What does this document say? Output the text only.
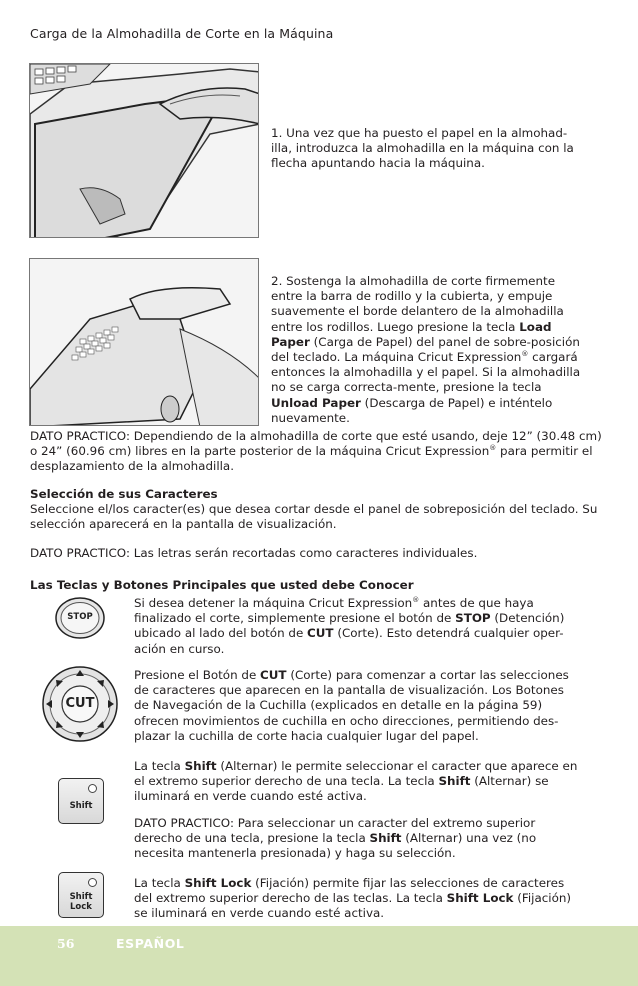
Carga de la Almohadilla de Corte en la Máquina
1. Una vez que ha puesto el papel en la almohad-illa, introduzca la almohadilla en la máquina con la flecha apuntando hacia la máquina.
2. Sostenga la almohadilla de corte firmemente entre la barra de rodillo y la cubierta, y empuje suavemente el borde delantero de la almohadilla entre los rodillos. Luego presione la tecla Load Paper (Carga de Papel) del panel de sobre-posición del teclado. La máquina Cricut Expression® cargará entonces la almohadilla y el papel. Si la almohadilla no se carga correcta-mente, presione la tecla Unload Paper (Descarga de Papel) e inténtelo nuevamente.
DATO PRACTICO: Dependiendo de la almohadilla de corte que esté usando, deje 12” (30.48 cm) o 24” (60.96 cm) libres en la parte posterior de la máquina Cricut Expression® para permitir el desplazamiento de la almohadilla.
Selección de sus Caracteres
Seleccione el/los caracter(es) que desea cortar desde el panel de sobreposición del teclado. Su selección aparecerá en la pantalla de visualización.
DATO PRACTICO: Las letras serán recortadas como caracteres individuales.
Las Teclas y Botones Principales que usted debe Conocer
STOP
Si desea detener la máquina Cricut Expression® antes de que haya finalizado el corte, simplemente presione el botón de STOP (Detención) ubicado al lado del botón de CUT (Corte). Esto detendrá cualquier oper-ación en curso.
CUT
Presione el Botón de CUT (Corte) para comenzar a cortar las selecciones de caracteres que aparecen en la pantalla de visualización. Los Botones de Navegación de la Cuchilla (explicados en detalle en la página 59) ofrecen movimientos de cuchilla en ocho direcciones, permitiendo des-plazar la cuchilla de corte hacia cualquier lugar del papel.
Shift
La tecla Shift (Alternar) le permite seleccionar el caracter que aparece en el extremo superior derecho de una tecla. La tecla Shift (Alternar) se iluminará en verde cuando esté activa.
DATO PRACTICO: Para seleccionar un caracter del extremo superior derecho de una tecla, presione la tecla Shift (Alternar) una vez (no necesita mantenerla presionada) y haga su selección.
Shift
Lock
La tecla Shift Lock (Fijación) permite fijar las selecciones de caracteres del extremo superior derecho de las teclas. La tecla Shift Lock (Fijación) se iluminará en verde cuando esté activa.
56	ESPAÑOL
